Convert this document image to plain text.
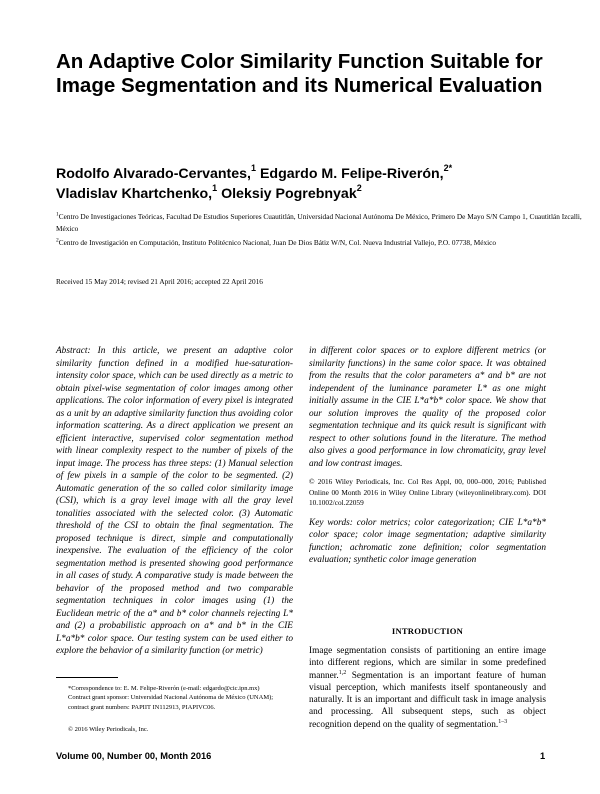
An Adaptive Color Similarity Function Suitable for Image Segmentation and its Numerical Evaluation
Rodolfo Alvarado-Cervantes,$^1$ Edgardo M. Felipe-Riverón,$^{2*}$
Vladislav Khartchenko,$^1$ Oleksiy Pogrebnyak$^2$
$^1$Centro De Investigaciones Teóricas, Facultad De Estudios Superiores Cuautitlán, Universidad Nacional Autónoma De México, Primero De Mayo S/N Campo 1, Cuautitlán Izcalli, México
$^2$Centro de Investigación en Computación, Instituto Politécnico Nacional, Juan De Dios Bátiz W/N, Col. Nueva Industrial Vallejo, P.O. 07738, México
Received 15 May 2014; revised 21 April 2016; accepted 22 April 2016
Abstract: In this article, we present an adaptive color similarity function defined in a modified hue-saturation-intensity color space, which can be used directly as a metric to obtain pixel-wise segmentation of color images among other applications. The color information of every pixel is integrated as a unit by an adaptive similarity function thus avoiding color information scattering. As a direct application we present an efficient interactive, supervised color segmentation method with linear complexity respect to the number of pixels of the input image. The process has three steps: (1) Manual selection of few pixels in a sample of the color to be segmented. (2) Automatic generation of the so called color similarity image (CSI), which is a gray level image with all the gray level tonalities associated with the selected color. (3) Automatic threshold of the CSI to obtain the final segmentation. The proposed technique is direct, simple and computationally inexpensive. The evaluation of the efficiency of the color segmentation method is presented showing good performance in all cases of study. A comparative study is made between the behavior of the proposed method and two comparable segmentation techniques in color images using (1) the Euclidean metric of the a* and b* color channels rejecting L* and (2) a probabilistic approach on a* and b* in the CIE L*a*b* color space. Our testing system can be used either to explore the behavior of a similarity function (or metric)

in different color spaces or to explore different metrics (or similarity functions) in the same color space. It was obtained from the results that the color parameters a* and b* are not independent of the luminance parameter L* as one might initially assume in the CIE L*a*b* color space. We show that our solution improves the quality of the proposed color segmentation technique and its quick result is significant with respect to other solutions found in the literature. The method also gives a good performance in low chromaticity, gray level and low contrast images.

© 2016 Wiley Periodicals, Inc. Col Res Appl, 00, 000–000, 2016; Published Online 00 Month 2016 in Wiley Online Library (wileyonlinelibrary.com). DOI 10.1002/col.22059

Key words: color metrics; color categorization; CIE L*a*b* color space; color image segmentation; adaptive similarity function; achromatic zone definition; color segmentation evaluation; synthetic color image generation

INTRODUCTION
Image segmentation consists of partitioning an entire image into different regions, which are similar in some predefined manner.$^{1,2}$ Segmentation is an important feature of human visual perception, which manifests itself spontaneously and naturally. It is an important and difficult task in image analysis and processing. All subsequent steps, such as object recognition depend on the quality of segmentation.$^{1-3}$
*Correspondence to: E. M. Felipe-Riverón (e-mail: edgardo@cic.ipn.mx)
Contract grant sponsor: Universidad Nacional Autónoma de México (UNAM); contract grant numbers: PAPIIT IN112913, PIAPIVC06.
© 2016 Wiley Periodicals, Inc.
Volume 00, Number 00, Month 2016	1
